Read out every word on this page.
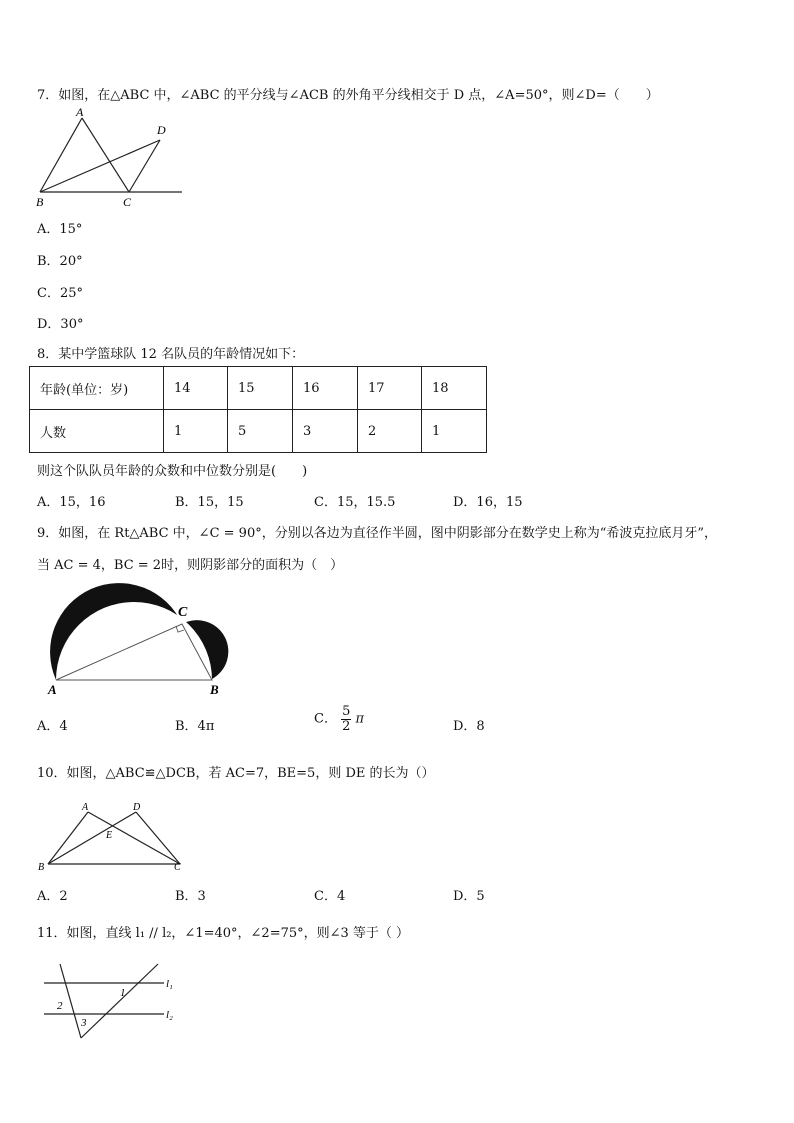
7．如图，在△ABC 中，∠ABC 的平分线与∠ACB 的外角平分线相交于 D 点，∠A=50°，则∠D=（　　）
A
B	C
D
A．15°
B．20°
C．25°
D．30°
8．某中学篮球队 12 名队员的年龄情况如下：
年龄(单位：岁)	14	15	16	17	18
人数	1	5	3	2	1
则这个队队员年龄的众数和中位数分别是(　　)
A．15，16	B．15，15	C．15，15.5	D．16，15
9．如图，在 Rt△ABC 中，∠C = 90°，分别以各边为直径作半圆，图中阴影部分在数学史上称为“希波克拉底月牙”，
当 AC = 4，BC = 2时，则阴影部分的面积为（　）
A	B
C
A．4	B．4π	C． $\frac{5}{2}$ π	D．8
10．如图，△ABC≌△DCB，若 AC=7，BE=5，则 DE 的长为（）
A	D
E
B	C
A．2	B．3	C．4	D．5
11．如图，直线 l₁ // l₂，∠1=40°，∠2=75°，则∠3 等于（ ）
1
2
3
l₁
l₂
